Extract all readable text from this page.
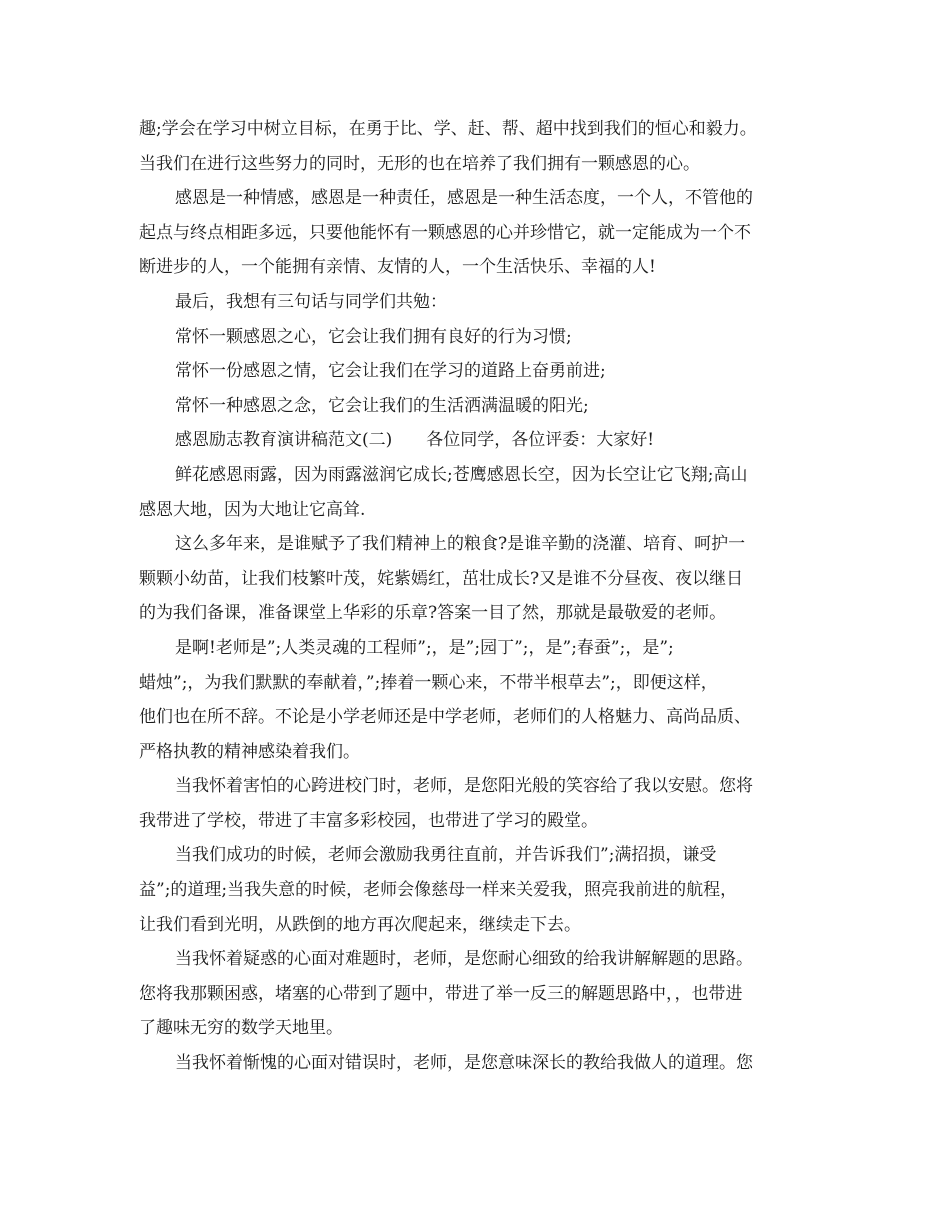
趣;学会在学习中树立目标，在勇于比、学、赶、帮、超中找到我们的恒心和毅力。
当我们在进行这些努力的同时，无形的也在培养了我们拥有一颗感恩的心。
感恩是一种情感，感恩是一种责任，感恩是一种生活态度，一个人，不管他的
起点与终点相距多远，只要他能怀有一颗感恩的心并珍惜它，就一定能成为一个不
断进步的人，一个能拥有亲情、友情的人，一个生活快乐、幸福的人!
最后，我想有三句话与同学们共勉：
常怀一颗感恩之心，它会让我们拥有良好的行为习惯;
常怀一份感恩之情，它会让我们在学习的道路上奋勇前进;
常怀一种感恩之念，它会让我们的生活洒满温暖的阳光;
感恩励志教育演讲稿范文(二)　　各位同学，各位评委：大家好!
鲜花感恩雨露，因为雨露滋润它成长;苍鹰感恩长空，因为长空让它飞翔;高山
感恩大地，因为大地让它高耸.
这么多年来，是谁赋予了我们精神上的粮食?是谁辛勤的浇灌、培育、呵护一
颗颗小幼苗，让我们枝繁叶茂，姹紫嫣红，茁壮成长?又是谁不分昼夜、夜以继日
的为我们备课，准备课堂上华彩的乐章?答案一目了然，那就是最敬爱的老师。
是啊!老师是”;人类灵魂的工程师”;，是”;园丁”;，是”;春蚕”;，是”;
蜡烛”;，为我们默默的奉献着，”;捧着一颗心来，不带半根草去”;，即便这样，
他们也在所不辞。不论是小学老师还是中学老师，老师们的人格魅力、高尚品质、
严格执教的精神感染着我们。
当我怀着害怕的心跨进校门时，老师，是您阳光般的笑容给了我以安慰。您将
我带进了学校，带进了丰富多彩校园，也带进了学习的殿堂。
当我们成功的时候，老师会激励我勇往直前，并告诉我们”;满招损，谦受
益”;的道理;当我失意的时候，老师会像慈母一样来关爱我，照亮我前进的航程，
让我们看到光明，从跌倒的地方再次爬起来，继续走下去。
当我怀着疑惑的心面对难题时，老师，是您耐心细致的给我讲解解题的思路。
您将我那颗困惑，堵塞的心带到了题中，带进了举一反三的解题思路中，，也带进
了趣味无穷的数学天地里。
当我怀着惭愧的心面对错误时，老师，是您意味深长的教给我做人的道理。您
